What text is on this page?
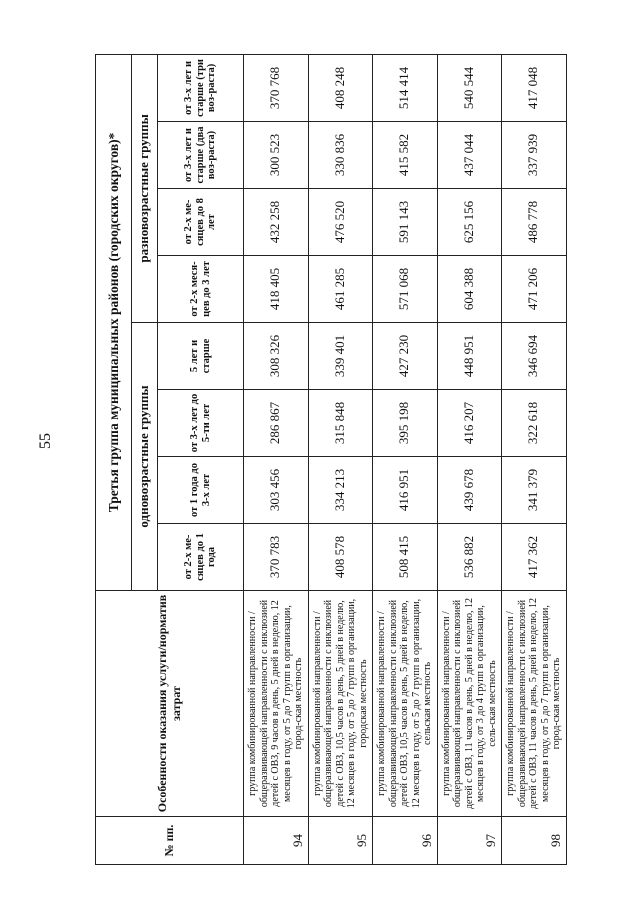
55
№ пп.	Особенности оказания услуги/норматив затрат	Третья группа муниципальных районов (городских округов)*							
		одновозрастные группы				разновозрастные группы			
		от 2-х ме-сяцев до 1 года	от 1 года до 3-х лет	от 3-х лет до 5-ти лет	5 лет и старше	от 2-х меся-цев до 3 лет	от 2-х ме-сяцев до 8 лет	от 3-х лет и старше (два воз-раста)	от 3-х лет и старше (три воз-раста)
94	группа комбинированной направленности / общеразвивающей направленности с инклюзией детей с ОВЗ, 9 часов в день, 5 дней в неделю, 12 месяцев в году, от 5 до 7 групп в организации, город-ская местность	370 783	303 456	286 867	308 326	418 405	432 258	300 523	370 768
95	группа комбинированной направленности / общеразвивающей направленности с инклюзией детей с ОВЗ, 10,5 часов в день, 5 дней в неделю, 12 месяцев в году, от 5 до 7 групп в организации, городская местность	408 578	334 213	315 848	339 401	461 285	476 520	330 836	408 248
96	группа комбинированной направленности / общеразвивающей направленности с инклюзией детей с ОВЗ, 10,5 часов в день, 5 дней в неделю, 12 месяцев в году, от 5 до 7 групп в организации, сельская местность	508 415	416 951	395 198	427 230	571 068	591 143	415 582	514 414
97	группа комбинированной направленности / общеразвивающей направленности с инклюзией детей с ОВЗ, 11 часов в день, 5 дней в неделю, 12 месяцев в году, от 3 до 4 групп в организации, сель-ская местность	536 882	439 678	416 207	448 951	604 388	625 156	437 044	540 544
98	группа комбинированной направленности / общеразвивающей направленности с инклюзией детей с ОВЗ, 11 часов в день, 5 дней в неделю, 12 месяцев в году, от 5 до 7 групп в организации, город-ская местность	417 362	341 379	322 618	346 694	471 206	486 778	337 939	417 048
